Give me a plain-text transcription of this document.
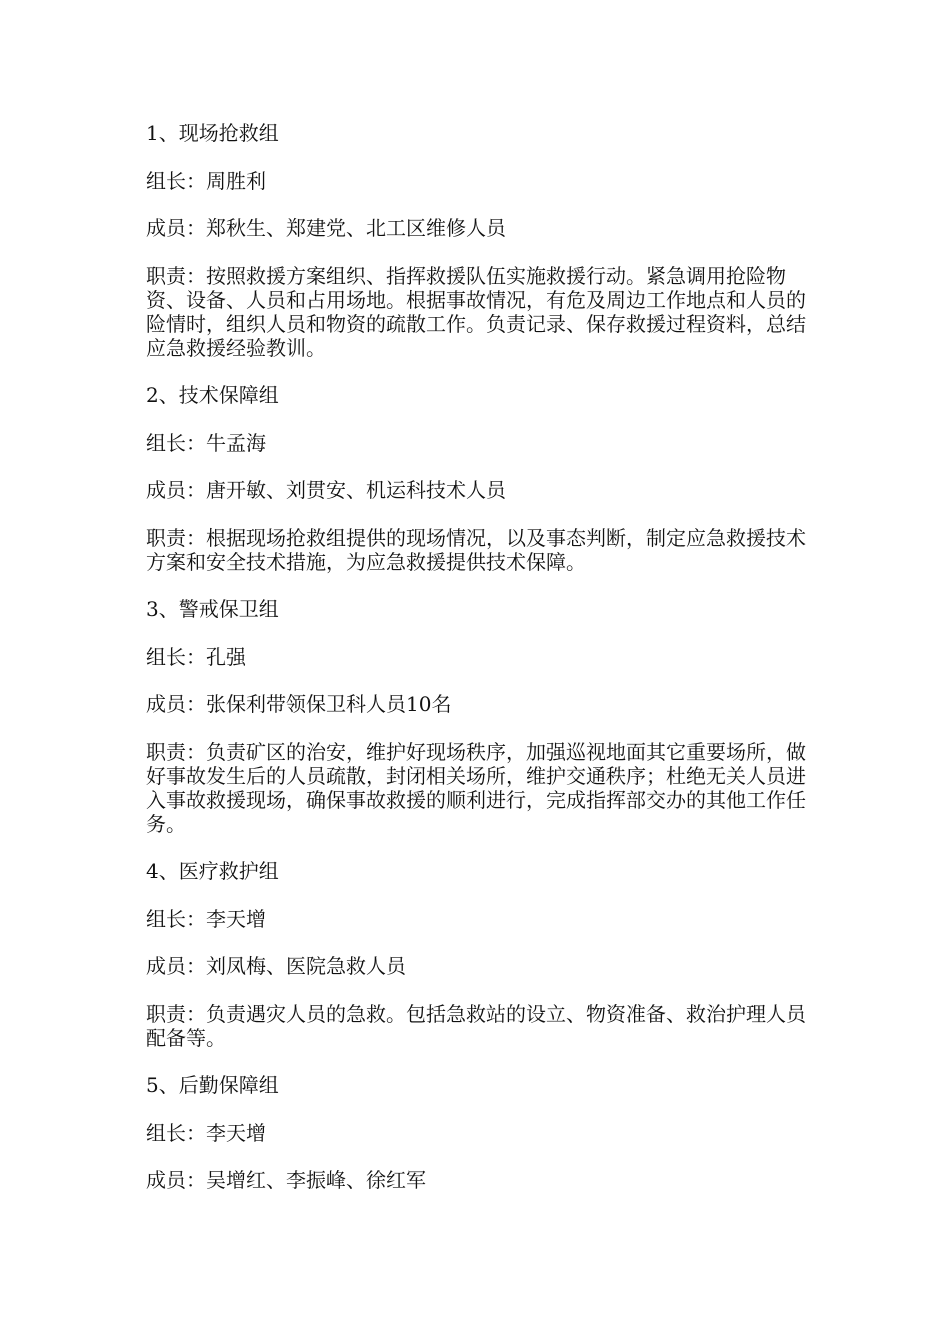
1、现场抢救组

组长：周胜利

成员：郑秋生、郑建党、北工区维修人员

职责：按照救援方案组织、指挥救援队伍实施救援行动。紧急调用抢险物资、设备、人员和占用场地。根据事故情况，有危及周边工作地点和人员的险情时，组织人员和物资的疏散工作。负责记录、保存救援过程资料，总结应急救援经验教训。

2、技术保障组

组长：牛孟海

成员：唐开敏、刘贯安、机运科技术人员

职责：根据现场抢救组提供的现场情况，以及事态判断，制定应急救援技术方案和安全技术措施，为应急救援提供技术保障。

3、警戒保卫组

组长：孔强

成员：张保利带领保卫科人员10名

职责：负责矿区的治安，维护好现场秩序，加强巡视地面其它重要场所，做好事故发生后的人员疏散，封闭相关场所，维护交通秩序；杜绝无关人员进入事故救援现场，确保事故救援的顺利进行，完成指挥部交办的其他工作任务。

4、医疗救护组

组长：李天增

成员：刘凤梅、医院急救人员

职责：负责遇灾人员的急救。包括急救站的设立、物资准备、救治护理人员配备等。

5、后勤保障组

组长：李天增

成员：吴增红、李振峰、徐红军
